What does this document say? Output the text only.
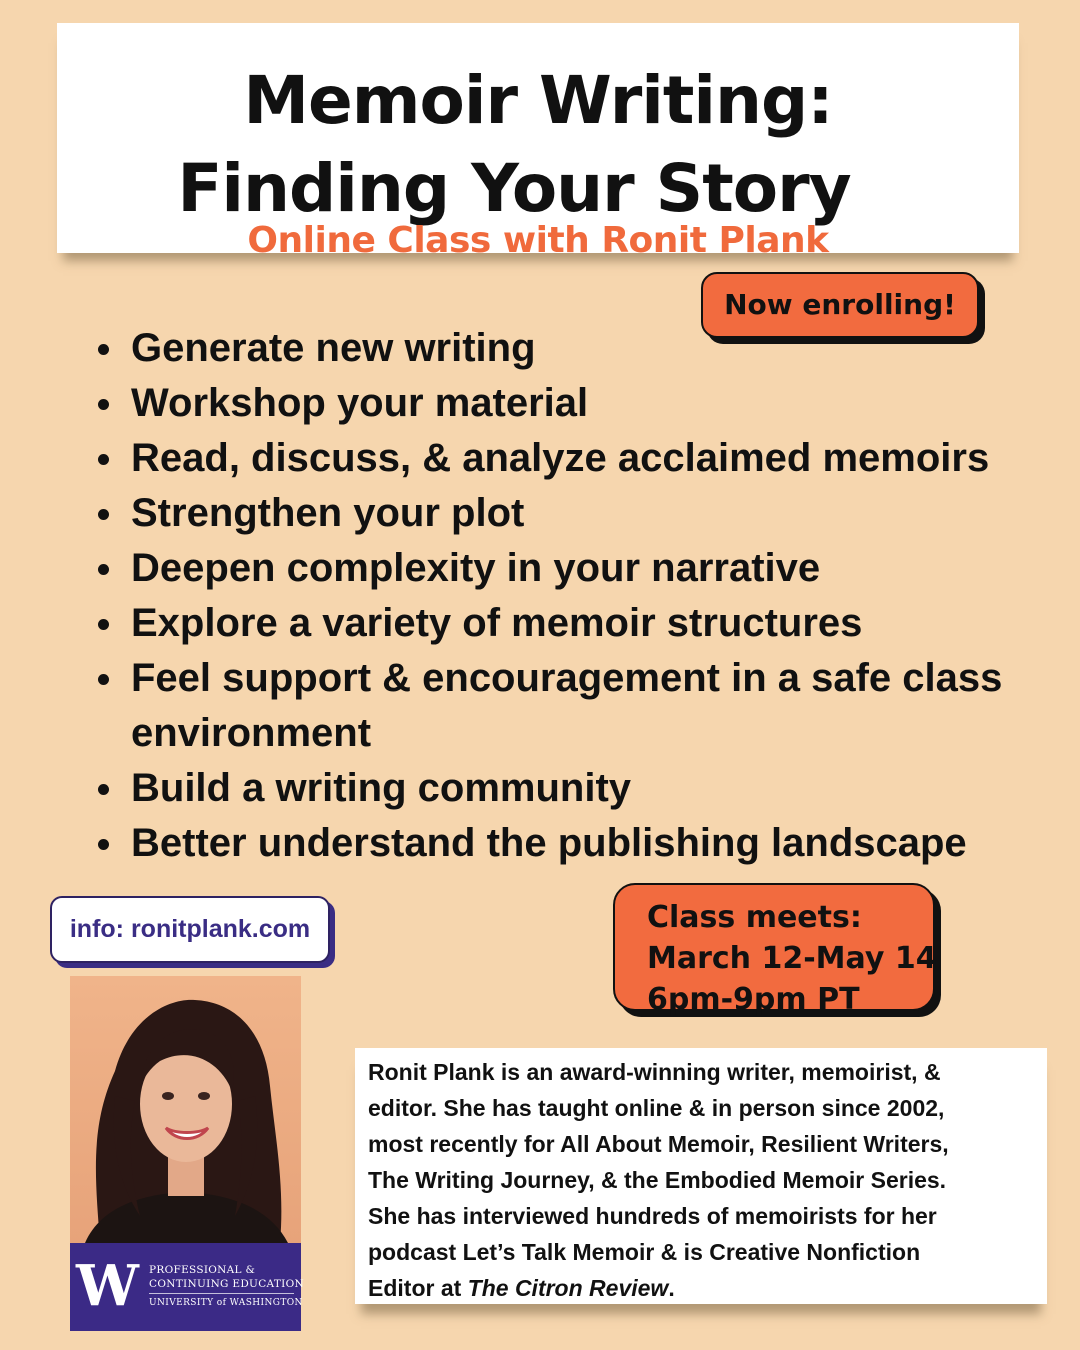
Memoir Writing:
Finding Your Story
Online Class with Ronit Plank
Now enrolling!
Generate new writing
Workshop your material
Read, discuss, & analyze acclaimed memoirs
Strengthen your plot
Deepen complexity in your narrative
Explore a variety of memoir structures
Feel support & encouragement in a safe class
environment
Build a writing community
Better understand the publishing landscape
info: ronitplank.com	Class meets:
March 12-May 14
6pm-9pm PT
W PROFESSIONAL &
CONTINUING EDUCATION
UNIVERSITY of WASHINGTON
Ronit Plank is an award-winning writer, memoirist, &
editor. She has taught online & in person since 2002,
most recently for All About Memoir, Resilient Writers,
The Writing Journey, & the Embodied Memoir Series.
She has interviewed hundreds of memoirists for her
podcast Let’s Talk Memoir & is Creative Nonfiction
Editor at The Citron Review.
